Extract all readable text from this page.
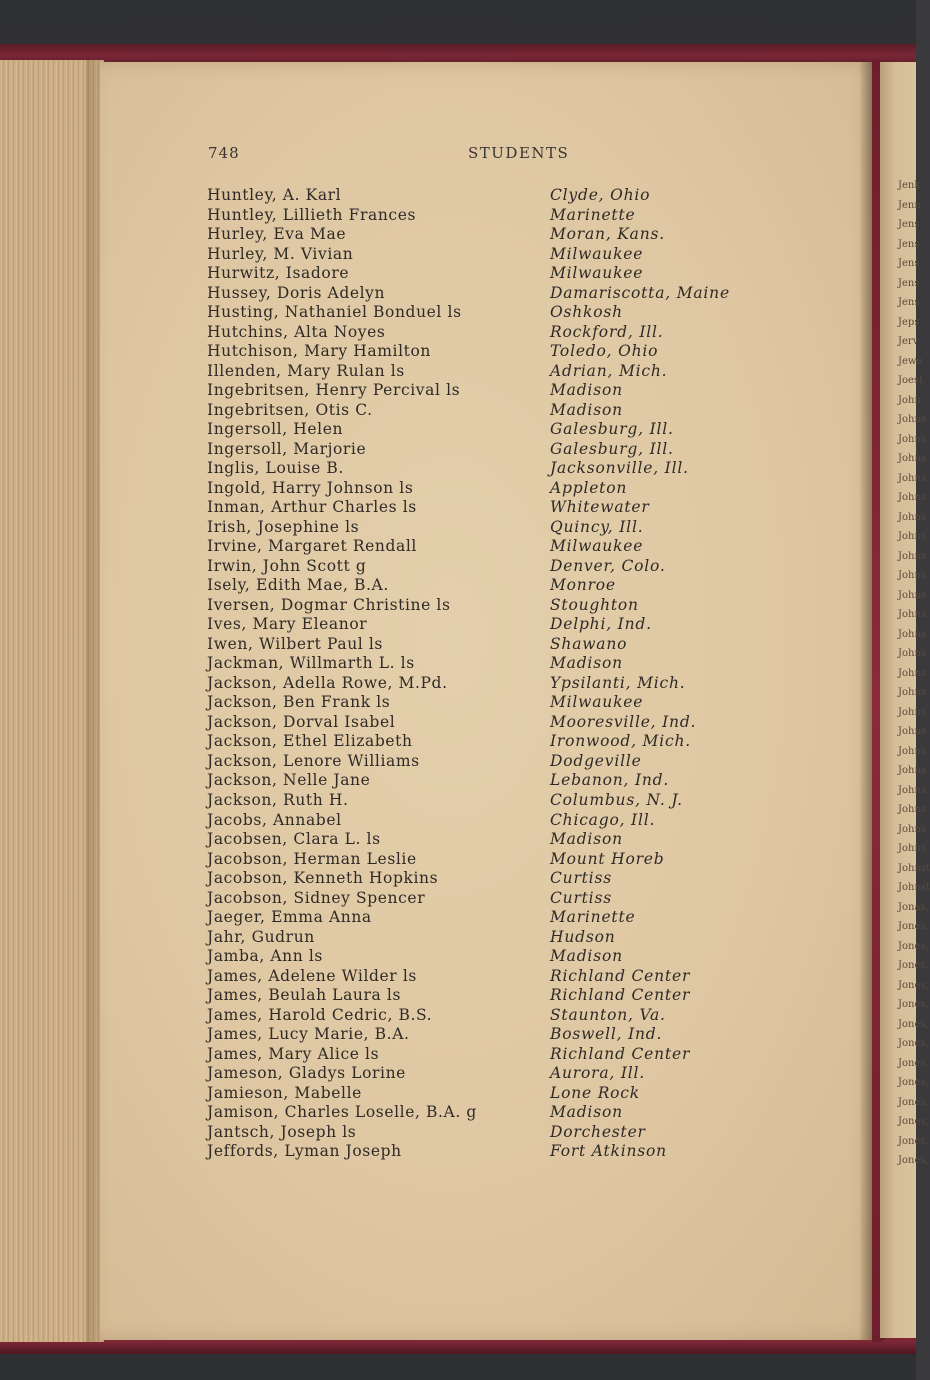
Jenk
Jenn
Jens
Jens
Jens
Jens
Jens
Jeps
Jerv
Jewe
Joest
John
Johns
Johns
Johns
Johns
Johns
Johns
Johns
Johns
Johns
Johns
Johns
Johns
Johns
Johns
Johns
Johns
Johns
Johns
Johns
Johns
Johns
Johns
Johns
Johnst
Johnst
Jonas,
Jones,
Jones,
Jones,
Jones,
Jones,
Jones,
Jones,
Jones,
Jones,
Jones,
Jones,
Jones,
Jones,
748	STUDENTS
Huntley, A. Karl	Clyde, Ohio
Huntley, Lillieth Frances	Marinette
Hurley, Eva Mae	Moran, Kans.
Hurley, M. Vivian	Milwaukee
Hurwitz, Isadore	Milwaukee
Hussey, Doris Adelyn	Damariscotta, Maine
Husting, Nathaniel Bonduel ls	Oshkosh
Hutchins, Alta Noyes	Rockford, Ill.
Hutchison, Mary Hamilton	Toledo, Ohio
Illenden, Mary Rulan ls	Adrian, Mich.
Ingebritsen, Henry Percival ls	Madison
Ingebritsen, Otis C.	Madison
Ingersoll, Helen	Galesburg, Ill.
Ingersoll, Marjorie	Galesburg, Ill.
Inglis, Louise B.	Jacksonville, Ill.
Ingold, Harry Johnson ls	Appleton
Inman, Arthur Charles ls	Whitewater
Irish, Josephine ls	Quincy, Ill.
Irvine, Margaret Rendall	Milwaukee
Irwin, John Scott g	Denver, Colo.
Isely, Edith Mae, B.A.	Monroe
Iversen, Dogmar Christine ls	Stoughton
Ives, Mary Eleanor	Delphi, Ind.
Iwen, Wilbert Paul ls	Shawano
Jackman, Willmarth L. ls	Madison
Jackson, Adella Rowe, M.Pd.	Ypsilanti, Mich.
Jackson, Ben Frank ls	Milwaukee
Jackson, Dorval Isabel	Mooresville, Ind.
Jackson, Ethel Elizabeth	Ironwood, Mich.
Jackson, Lenore Williams	Dodgeville
Jackson, Nelle Jane	Lebanon, Ind.
Jackson, Ruth H.	Columbus, N. J.
Jacobs, Annabel	Chicago, Ill.
Jacobsen, Clara L. ls	Madison
Jacobson, Herman Leslie	Mount Horeb
Jacobson, Kenneth Hopkins	Curtiss
Jacobson, Sidney Spencer	Curtiss
Jaeger, Emma Anna	Marinette
Jahr, Gudrun	Hudson
Jamba, Ann ls	Madison
James, Adelene Wilder ls	Richland Center
James, Beulah Laura ls	Richland Center
James, Harold Cedric, B.S.	Staunton, Va.
James, Lucy Marie, B.A.	Boswell, Ind.
James, Mary Alice ls	Richland Center
Jameson, Gladys Lorine	Aurora, Ill.
Jamieson, Mabelle	Lone Rock
Jamison, Charles Loselle, B.A. g	Madison
Jantsch, Joseph ls	Dorchester
Jeffords, Lyman Joseph	Fort Atkinson
